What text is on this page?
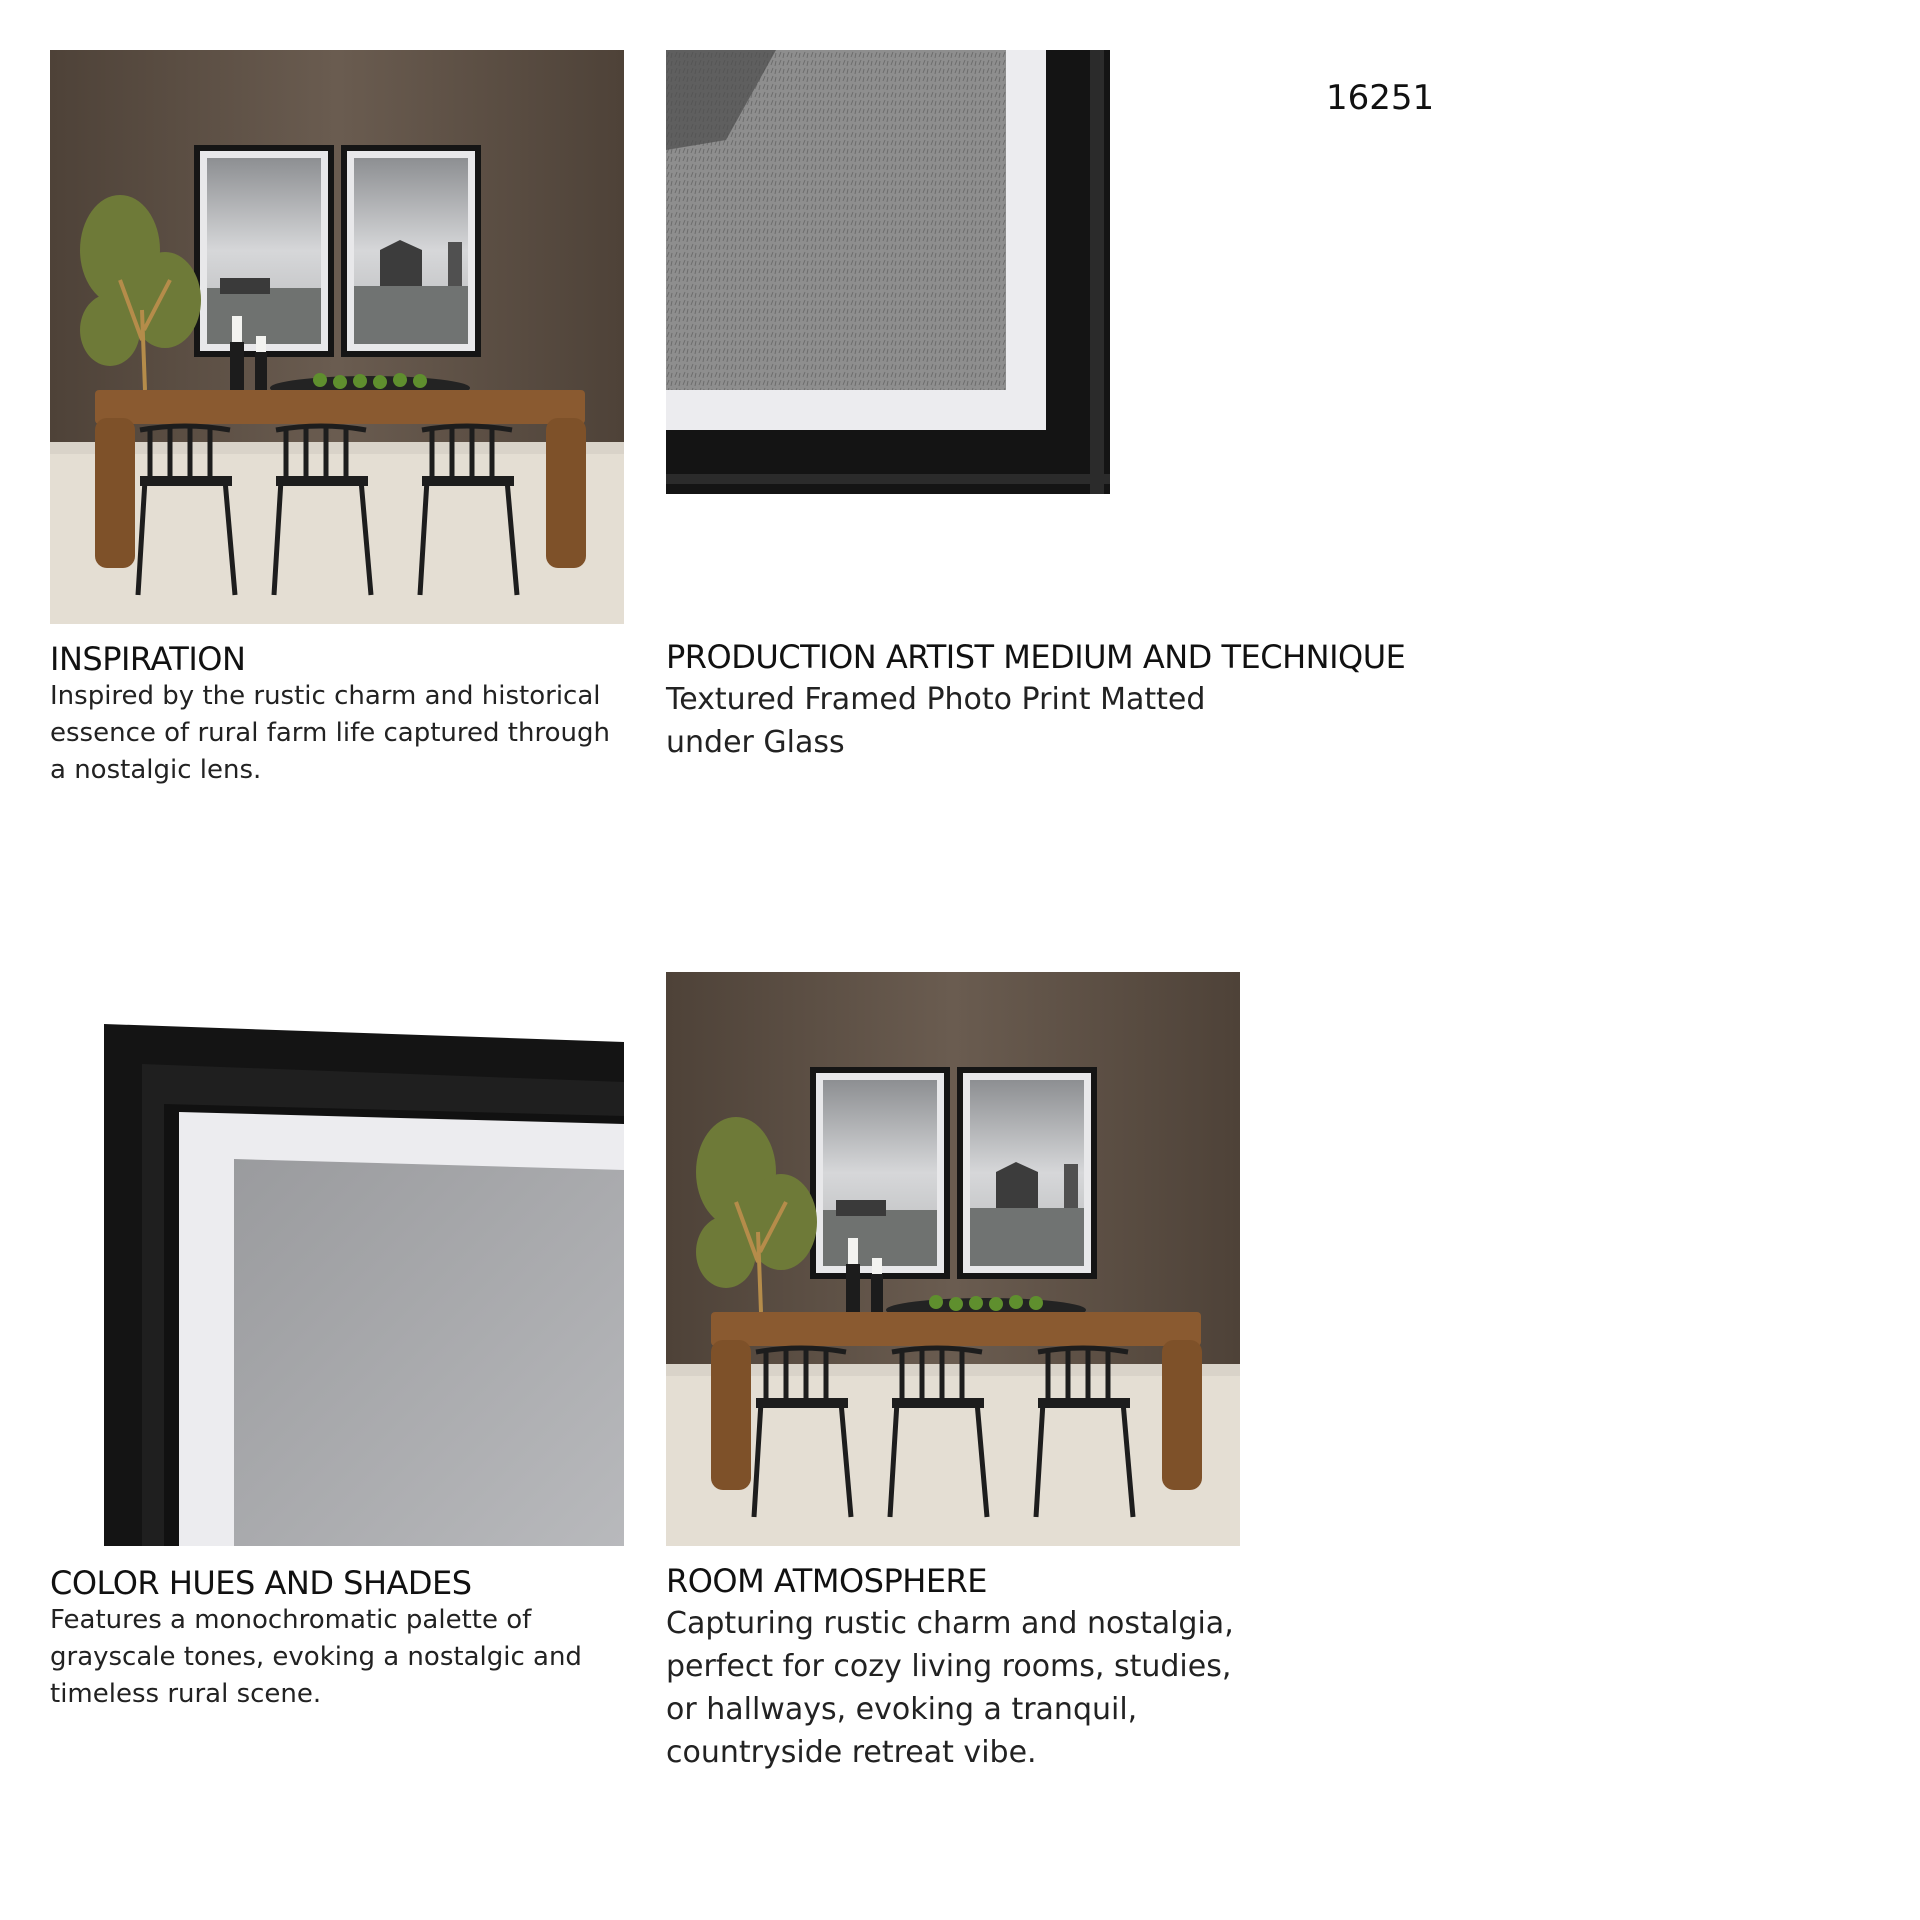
16251
INSPIRATION
Inspired by the rustic charm and historical essence of rural farm life captured through a nostalgic lens.
PRODUCTION ARTIST MEDIUM AND TECHNIQUE
Textured Framed Photo Print Matted
under Glass
COLOR HUES AND SHADES
Features a monochromatic palette of grayscale tones, evoking a nostalgic and timeless rural scene.
ROOM ATMOSPHERE
Capturing rustic charm and nostalgia, perfect for cozy living rooms, studies, or hallways, evoking a tranquil, countryside retreat vibe.
